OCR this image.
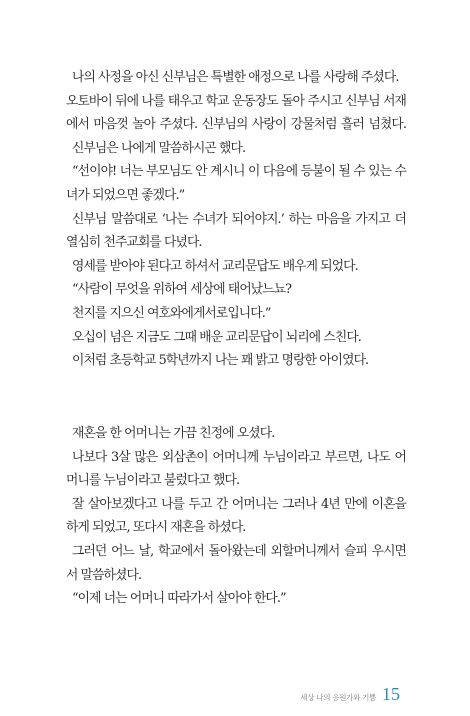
나의 사정을 아신 신부님은 특별한 애정으로 나를 사랑해 주셨다.
오토바이 뒤에 나를 태우고 학교 운동장도 돌아 주시고 신부님 서재
에서 마음껏 놀아 주셨다. 신부님의 사랑이 강물처럼 흘러 넘쳤다.
신부님은 나에게 말씀하시곤 했다.
“선이야! 너는 부모님도 안 계시니 이 다음에 등불이 될 수 있는 수
녀가 되었으면 좋겠다.”
신부님 말씀대로 ‘나는 수녀가 되어야지.’ 하는 마음을 가지고 더
열심히 천주교회를 다녔다.
영세를 받아야 된다고 하셔서 교리문답도 배우게 되었다.
“사람이 무엇을 위하여 세상에 태어났느뇨?
천지를 지으신 여호와에게서로입니다.”
오십이 넘은 지금도 그때 배운 교리문답이 뇌리에 스친다.
이처럼 초등학교 5학년까지 나는 꽤 밝고 명랑한 아이였다.
재혼을 한 어머니는 가끔 친정에 오셨다.
나보다 3살 많은 외삼촌이 어머니께 누님이라고 부르면, 나도 어
머니를 누님이라고 불렀다고 했다.
잘 살아보겠다고 나를 두고 간 어머니는 그러나 4년 만에 이혼을
하게 되었고, 또다시 재혼을 하셨다.
그러던 어느 날, 학교에서 돌아왔는데 외할머니께서 슬피 우시면
서 말씀하셨다.
“이제 너는 어머니 따라가서 살아야 한다.”
세상 나의 응원가와 기쁨 15
